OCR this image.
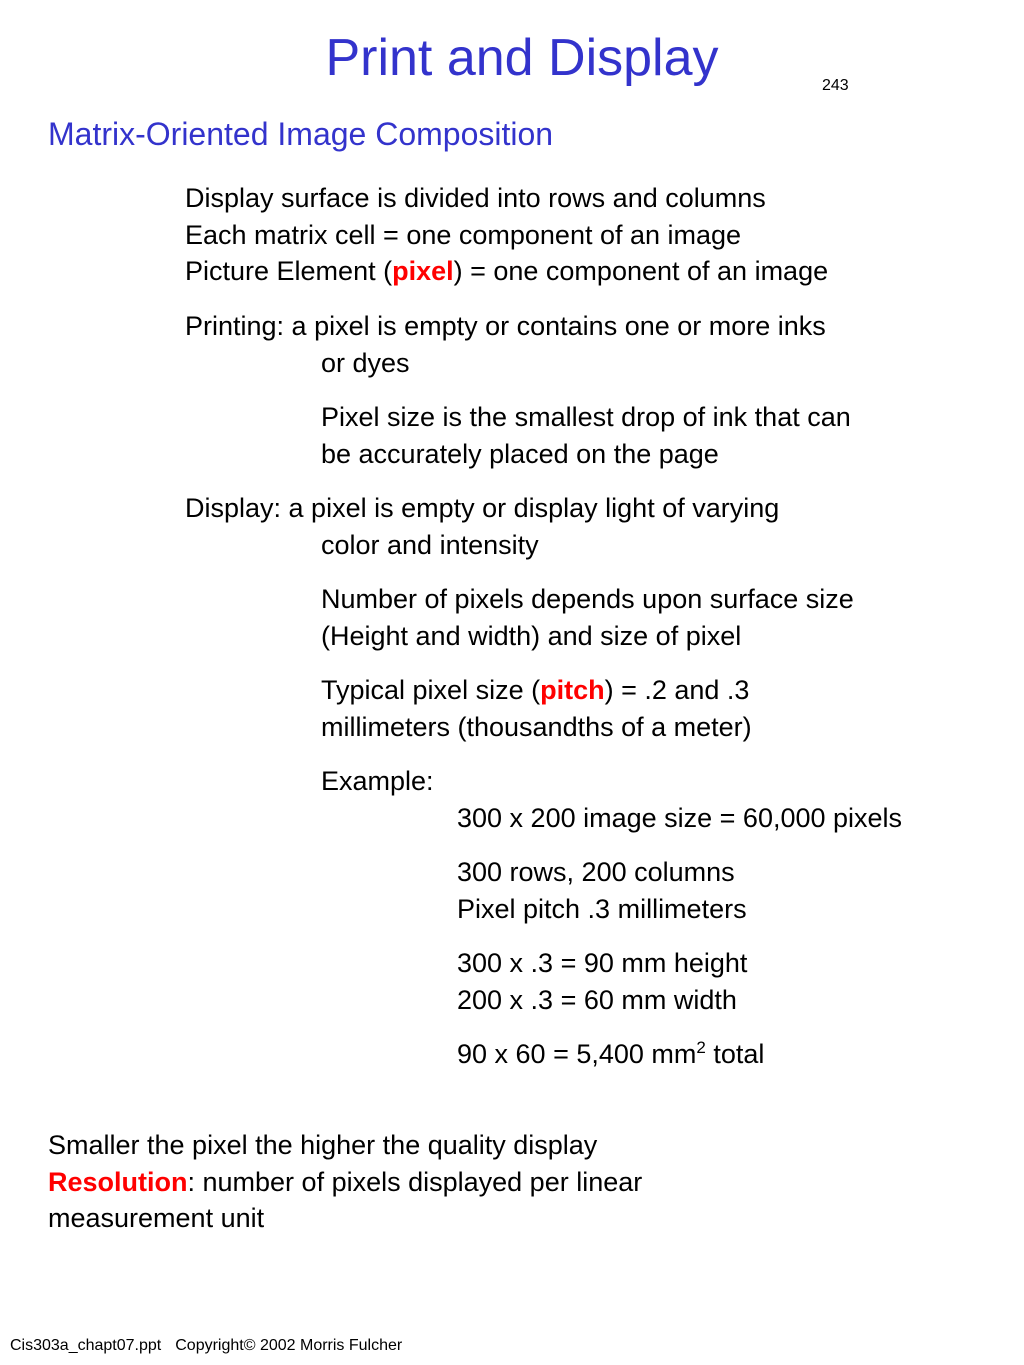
Print and Display	243
Matrix-Oriented Image Composition
Display surface is divided into rows and columns
Each matrix cell = one component of an image
Picture Element (pixel) = one component of an image
Printing: a pixel is empty or contains one or more inks
or dyes
Pixel size is the smallest drop of ink that can
be accurately placed on the page
Display: a pixel is empty or display light of varying
color and intensity
Number of pixels depends upon surface size
(Height and width) and size of pixel
Typical pixel size (pitch) = .2 and .3
millimeters (thousandths of a meter)
Example:
300 x 200 image size = 60,000 pixels
300 rows, 200 columns
Pixel pitch .3 millimeters
300 x .3 = 90 mm height
200 x .3 = 60 mm width
90 x 60 = 5,400 $mm^2$ total
Smaller the pixel the higher the quality display
Resolution: number of pixels displayed per linear
measurement unit
Cis303a_chapt07.ppt Copyright© 2002 Morris Fulcher
